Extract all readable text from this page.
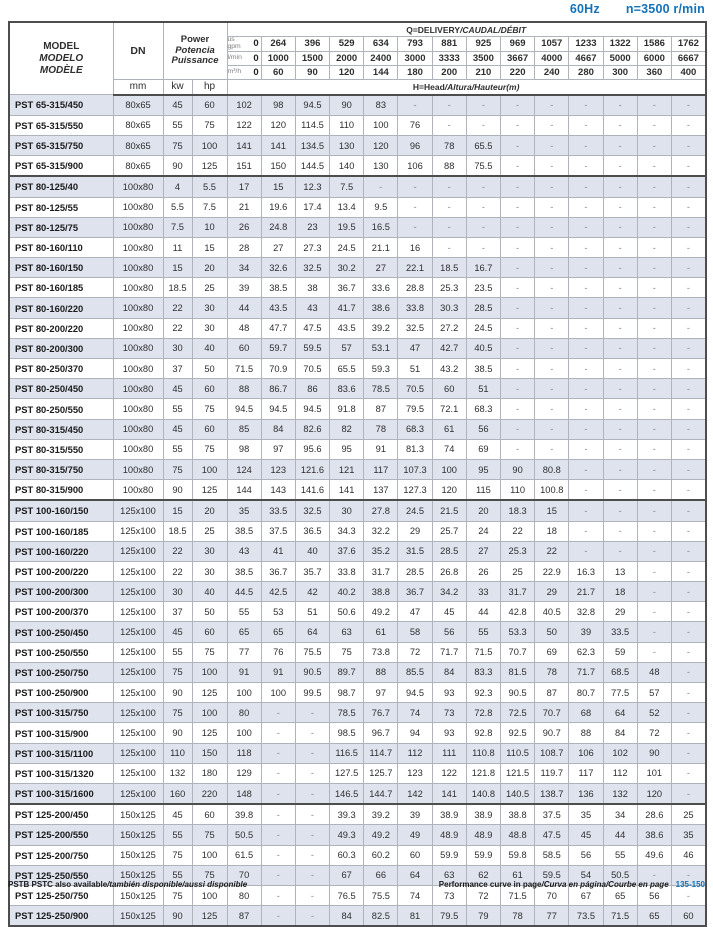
60Hz n=3500 r/min
MODEL
MODELO
MODÈLE
	DN	
Power
Potencia
Puissance
	Q=DELIVERY/CAUDAL/DÉBIT

				us
gpm 0	264	396	529	634	793	881	925	969	1057	1233	1322	1586	1762

				l/min 0	1000	1500	2000	2400	3000	3333	3500	3667	4000	4667	5000	6000	6667

				m³/h 0	60	90	120	144	180	200	210	220	240	280	300	360	400
	mm	kw	hp	H=Head/Altura/Hauteur(m)													
PST 65-315/450	80x65	45	60	102	98	94.5	90	83	-	-	-	-	-	-	-	-	-
PST 65-315/550	80x65	55	75	122	120	114.5	110	100	76	-	-	-	-	-	-	-	-
PST 65-315/750	80x65	75	100	141	141	134.5	130	120	96	78	65.5	-	-	-	-	-	-
PST 65-315/900	80x65	90	125	151	150	144.5	140	130	106	88	75.5	-	-	-	-	-	-
PST 80-125/40	100x80	4	5.5	17	15	12.3	7.5	-	-	-	-	-	-	-	-	-	-
PST 80-125/55	100x80	5.5	7.5	21	19.6	17.4	13.4	9.5	-	-	-	-	-	-	-	-	-
PST 80-125/75	100x80	7.5	10	26	24.8	23	19.5	16.5	-	-	-	-	-	-	-	-	-
PST 80-160/110	100x80	11	15	28	27	27.3	24.5	21.1	16	-	-	-	-	-	-	-	-
PST 80-160/150	100x80	15	20	34	32.6	32.5	30.2	27	22.1	18.5	16.7	-	-	-	-	-	-
PST 80-160/185	100x80	18.5	25	39	38.5	38	36.7	33.6	28.8	25.3	23.5	-	-	-	-	-	-
PST 80-160/220	100x80	22	30	44	43.5	43	41.7	38.6	33.8	30.3	28.5	-	-	-	-	-	-
PST 80-200/220	100x80	22	30	48	47.7	47.5	43.5	39.2	32.5	27.2	24.5	-	-	-	-	-	-
PST 80-200/300	100x80	30	40	60	59.7	59.5	57	53.1	47	42.7	40.5	-	-	-	-	-	-
PST 80-250/370	100x80	37	50	71.5	70.9	70.5	65.5	59.3	51	43.2	38.5	-	-	-	-	-	-
PST 80-250/450	100x80	45	60	88	86.7	86	83.6	78.5	70.5	60	51	-	-	-	-	-	-
PST 80-250/550	100x80	55	75	94.5	94.5	94.5	91.8	87	79.5	72.1	68.3	-	-	-	-	-	-
PST 80-315/450	100x80	45	60	85	84	82.6	82	78	68.3	61	56	-	-	-	-	-	-
PST 80-315/550	100x80	55	75	98	97	95.6	95	91	81.3	74	69	-	-	-	-	-	-
PST 80-315/750	100x80	75	100	124	123	121.6	121	117	107.3	100	95	90	80.8	-	-	-	-
PST 80-315/900	100x80	90	125	144	143	141.6	141	137	127.3	120	115	110	100.8	-	-	-	-
PST 100-160/150	125x100	15	20	35	33.5	32.5	30	27.8	24.5	21.5	20	18.3	15	-	-	-	-
PST 100-160/185	125x100	18.5	25	38.5	37.5	36.5	34.3	32.2	29	25.7	24	22	18	-	-	-	-
PST 100-160/220	125x100	22	30	43	41	40	37.6	35.2	31.5	28.5	27	25.3	22	-	-	-	-
PST 100-200/220	125x100	22	30	38.5	36.7	35.7	33.8	31.7	28.5	26.8	26	25	22.9	16.3	13	-	-
PST 100-200/300	125x100	30	40	44.5	42.5	42	40.2	38.8	36.7	34.2	33	31.7	29	21.7	18	-	-
PST 100-200/370	125x100	37	50	55	53	51	50.6	49.2	47	45	44	42.8	40.5	32.8	29	-	-
PST 100-250/450	125x100	45	60	65	65	64	63	61	58	56	55	53.3	50	39	33.5	-	-
PST 100-250/550	125x100	55	75	77	76	75.5	75	73.8	72	71.7	71.5	70.7	69	62.3	59	-	-
PST 100-250/750	125x100	75	100	91	91	90.5	89.7	88	85.5	84	83.3	81.5	78	71.7	68.5	48	-
PST 100-250/900	125x100	90	125	100	100	99.5	98.7	97	94.5	93	92.3	90.5	87	80.7	77.5	57	-
PST 100-315/750	125x100	75	100	80	-	-	78.5	76.7	74	73	72.8	72.5	70.7	68	64	52	-
PST 100-315/900	125x100	90	125	100	-	-	98.5	96.7	94	93	92.8	92.5	90.7	88	84	72	-
PST 100-315/1100	125x100	110	150	118	-	-	116.5	114.7	112	111	110.8	110.5	108.7	106	102	90	-
PST 100-315/1320	125x100	132	180	129	-	-	127.5	125.7	123	122	121.8	121.5	119.7	117	112	101	-
PST 100-315/1600	125x100	160	220	148	-	-	146.5	144.7	142	141	140.8	140.5	138.7	136	132	120	-
PST 125-200/450	150x125	45	60	39.8	-	-	39.3	39.2	39	38.9	38.9	38.8	37.5	35	34	28.6	25
PST 125-200/550	150x125	55	75	50.5	-	-	49.3	49.2	49	48.9	48.9	48.8	47.5	45	44	38.6	35
PST 125-200/750	150x125	75	100	61.5	-	-	60.3	60.2	60	59.9	59.9	59.8	58.5	56	55	49.6	46
PST 125-250/550	150x125	55	75	70	-	-	67	66	64	63	62	61	59.5	54	50.5	-	-
PST 125-250/750	150x125	75	100	80	-	-	76.5	75.5	74	73	72	71.5	70	67	65	56	-
PST 125-250/900	150x125	90	125	87	-	-	84	82.5	81	79.5	79	78	77	73.5	71.5	65	60
PSTB PSTC also available/también disponible/aussi disponible	Performance curve in page/Curva en página/Courbe en page 135-150
